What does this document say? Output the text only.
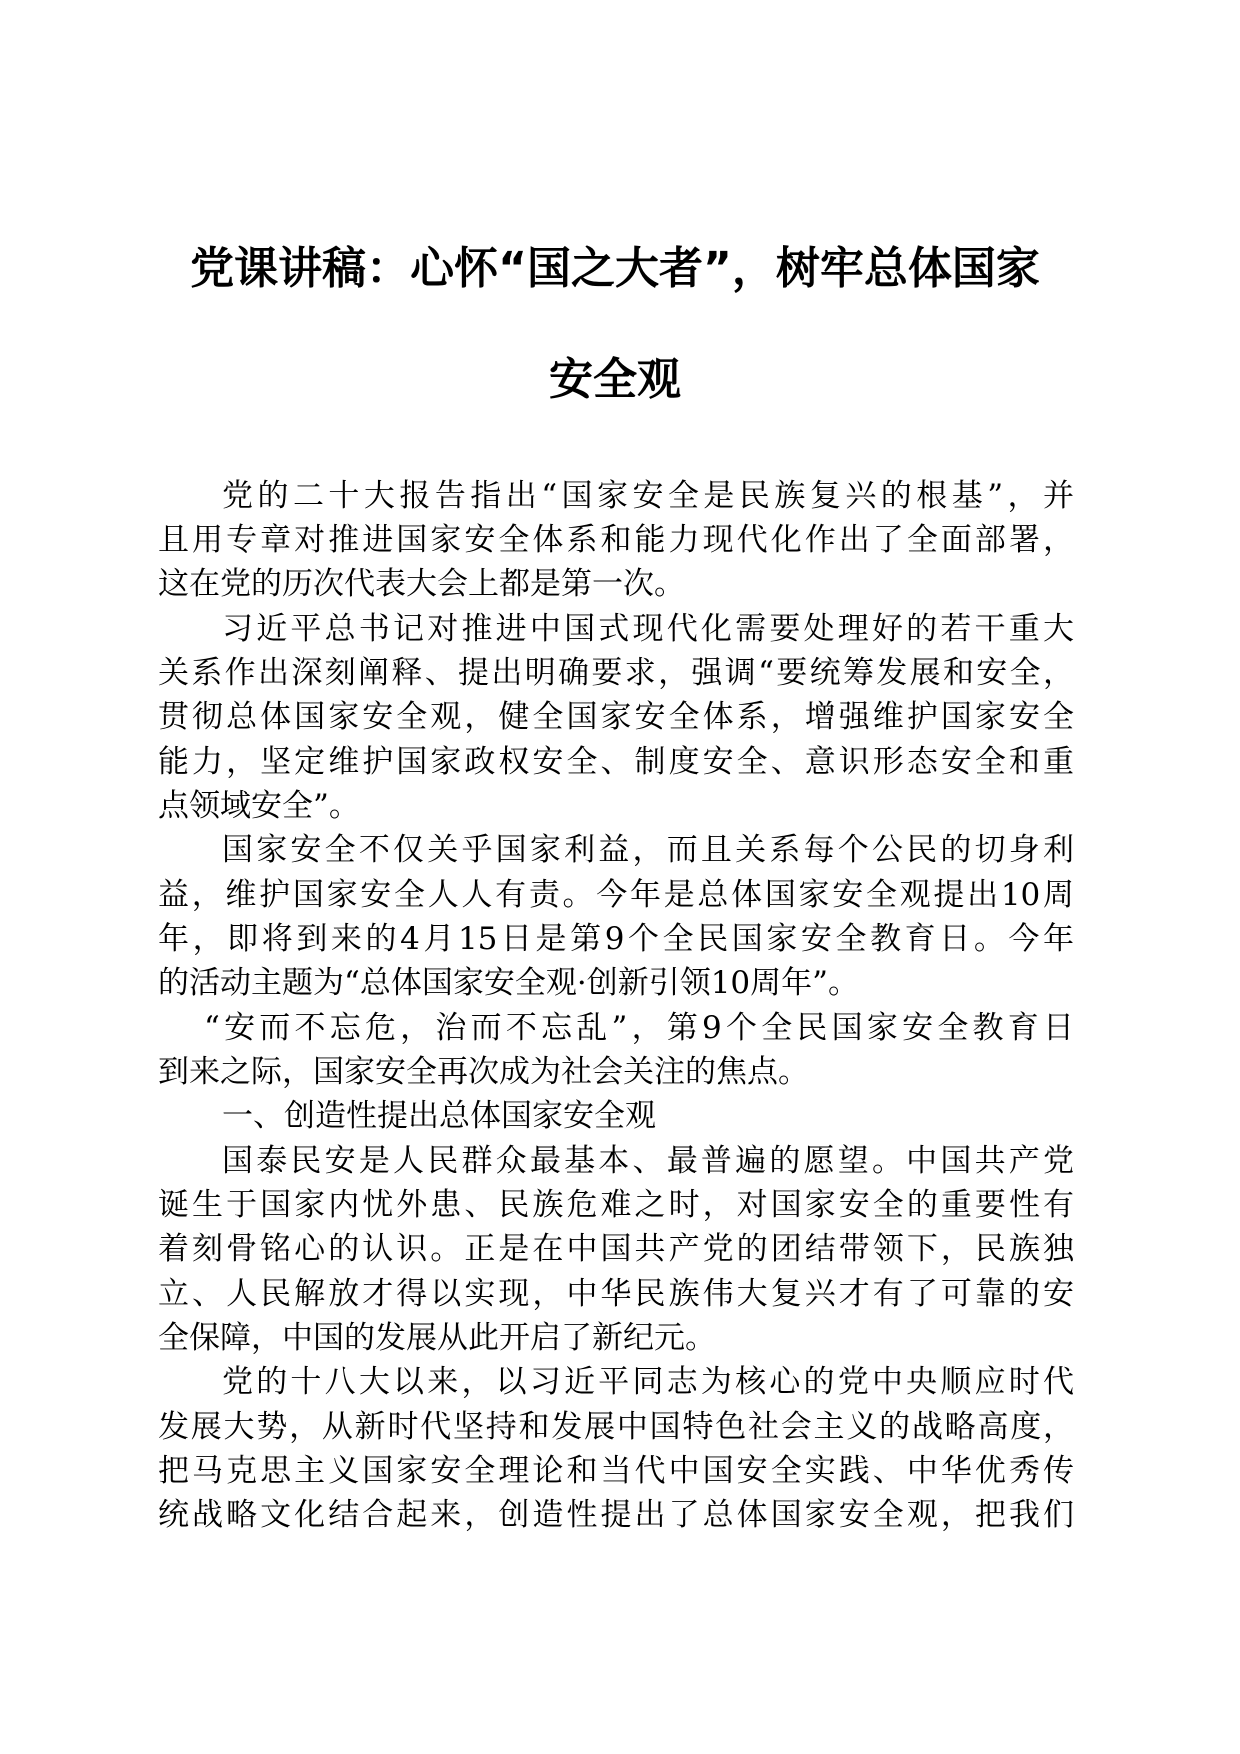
党课讲稿：心怀“国之大者”，树牢总体国家
安全观
党的二十大报告指出“国家安全是民族复兴的根基”，并
且用专章对推进国家安全体系和能力现代化作出了全面部署，
这在党的历次代表大会上都是第一次。
习近平总书记对推进中国式现代化需要处理好的若干重大
关系作出深刻阐释、提出明确要求，强调“要统筹发展和安全，
贯彻总体国家安全观，健全国家安全体系，增强维护国家安全
能力，坚定维护国家政权安全、制度安全、意识形态安全和重
点领域安全”。
国家安全不仅关乎国家利益，而且关系每个公民的切身利
益，维护国家安全人人有责。今年是总体国家安全观提出10周
年，即将到来的4月15日是第9个全民国家安全教育日。今年
的活动主题为“总体国家安全观·创新引领10周年”。
“安而不忘危，治而不忘乱”，第9个全民国家安全教育日
到来之际，国家安全再次成为社会关注的焦点。
一、创造性提出总体国家安全观
国泰民安是人民群众最基本、最普遍的愿望。中国共产党
诞生于国家内忧外患、民族危难之时，对国家安全的重要性有
着刻骨铭心的认识。正是在中国共产党的团结带领下，民族独
立、人民解放才得以实现，中华民族伟大复兴才有了可靠的安
全保障，中国的发展从此开启了新纪元。
党的十八大以来，以习近平同志为核心的党中央顺应时代
发展大势，从新时代坚持和发展中国特色社会主义的战略高度，
把马克思主义国家安全理论和当代中国安全实践、中华优秀传
统战略文化结合起来，创造性提出了总体国家安全观，把我们
